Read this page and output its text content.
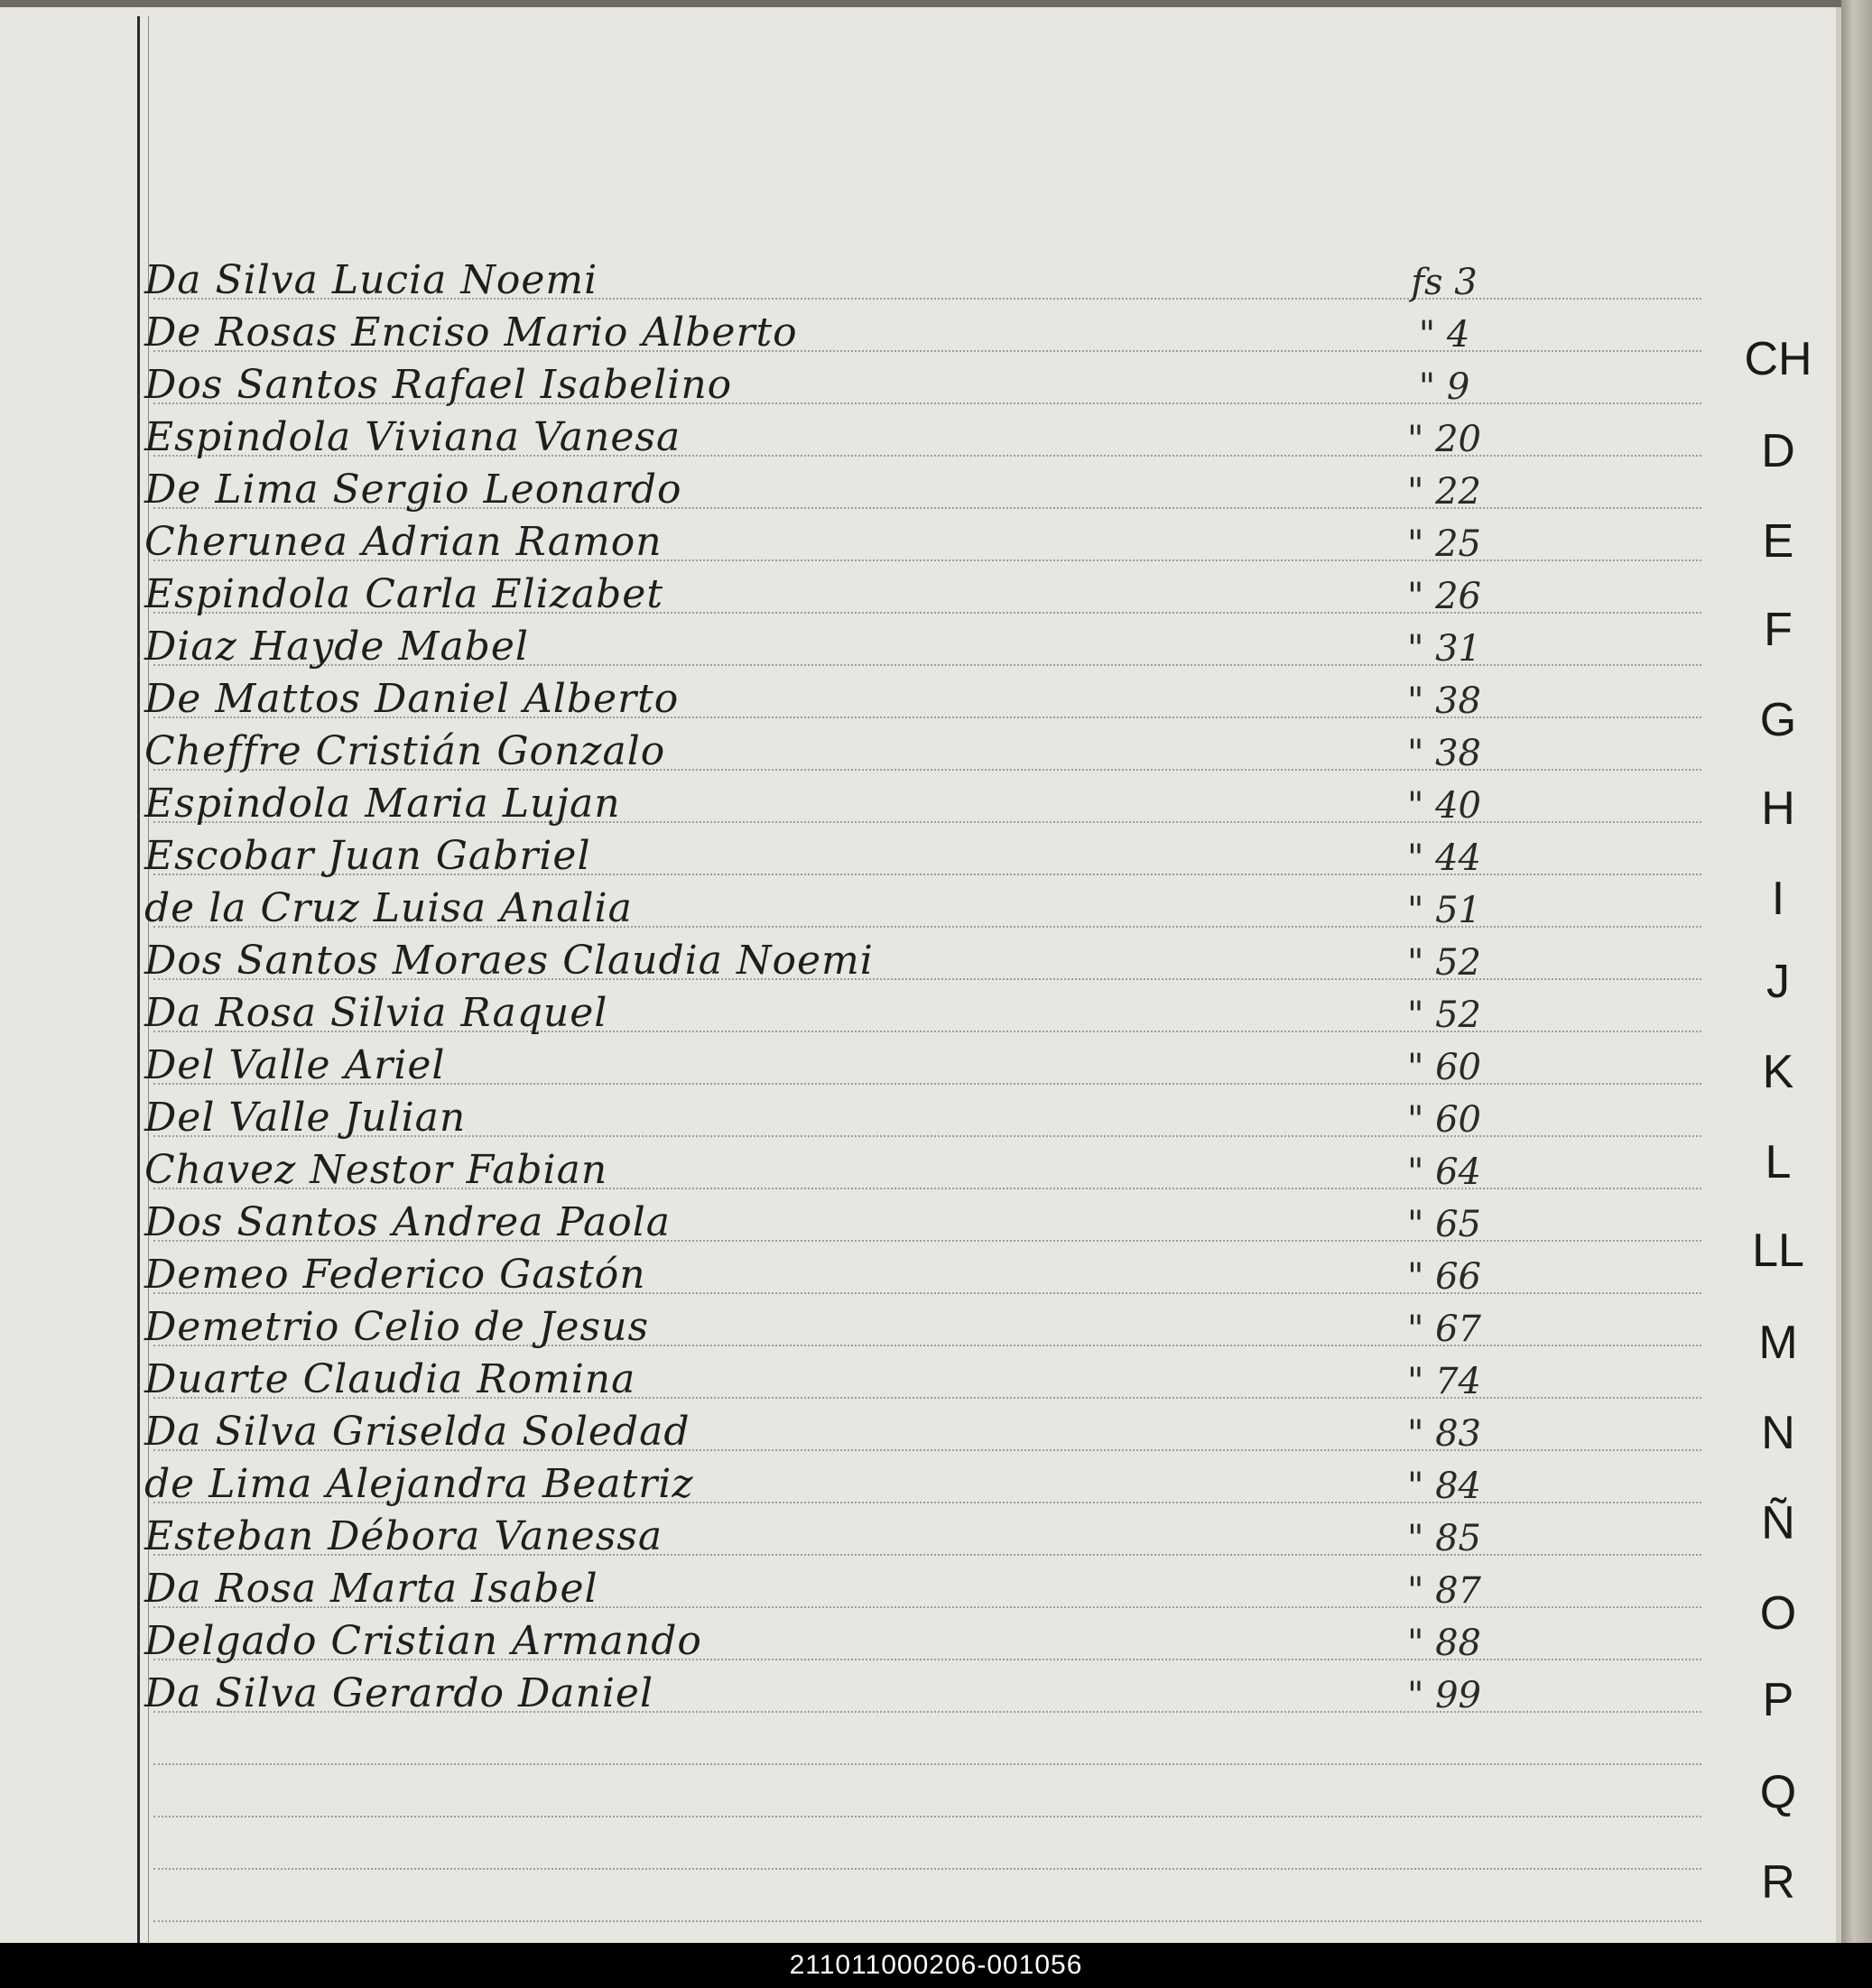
Da Silva Lucia Noemi	fs 3
De Rosas Enciso Mario Alberto	" 4
Dos Santos Rafael Isabelino	" 9
Espindola Viviana Vanesa	" 20
De Lima Sergio Leonardo	" 22
Cherunea Adrian Ramon	" 25
Espindola Carla Elizabet	" 26
Diaz Hayde Mabel	" 31
De Mattos Daniel Alberto	" 38
Cheffre Cristián Gonzalo	" 38
Espindola Maria Lujan	" 40
Escobar Juan Gabriel	" 44
de la Cruz Luisa Analia	" 51
Dos Santos Moraes Claudia Noemi	" 52
Da Rosa Silvia Raquel	" 52
Del Valle Ariel	" 60
Del Valle Julian	" 60
Chavez Nestor Fabian	" 64
Dos Santos Andrea Paola	" 65
Demeo Federico Gastón	" 66
Demetrio Celio de Jesus	" 67
Duarte Claudia Romina	" 74
Da Silva Griselda Soledad	" 83
de Lima Alejandra Beatriz	" 84
Esteban Débora Vanessa	" 85
Da Rosa Marta Isabel	" 87
Delgado Cristian Armando	" 88
Da Silva Gerardo Daniel	" 99
CH
D
E
F
G
H
I
J
K
L
LL
M
N
Ñ
O
P
Q
R
211011000206-001056
